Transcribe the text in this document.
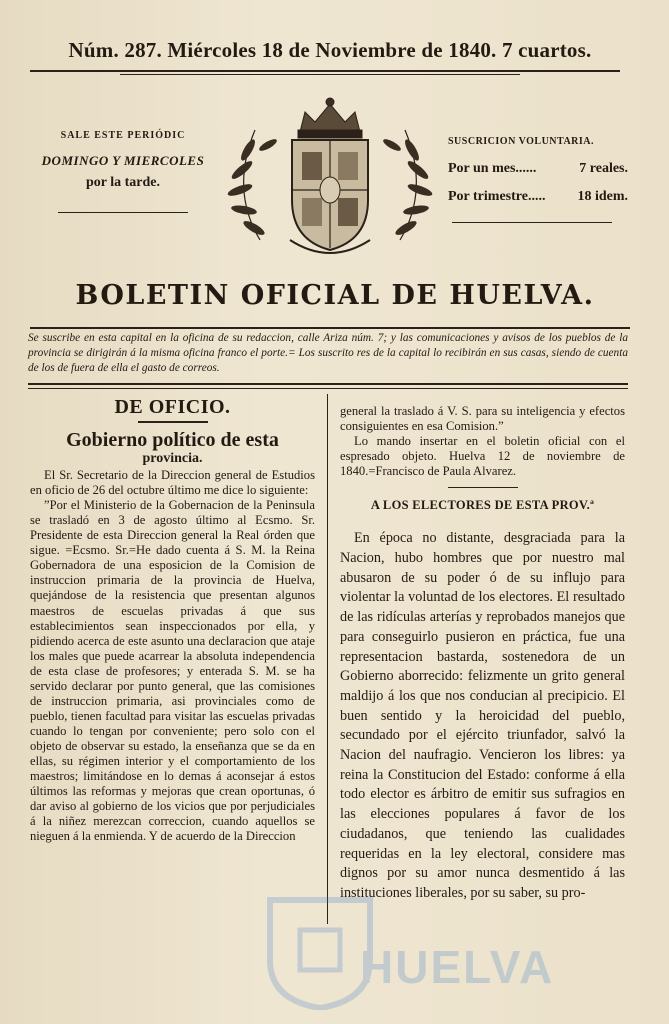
Núm. 287. Miércoles 18 de Noviembre de 1840. 7 cuartos.
SALE ESTE PERIÓDIC
DOMINGO Y MIERCOLES
por la tarde.
SUSCRICION VOLUNTARIA.
Por un mes......	7 reales.
Por trimestre..... 18 idem.
BOLETIN OFICIAL DE HUELVA.
Se suscribe en esta capital en la oficina de su redaccion, calle Ariza núm. 7; y las comunicaciones y avisos de los pueblos de la provincia se dirigirán á la misma oficina franco el porte.= Los suscrito res de la capital lo recibirán en sus casas, siendo de cuenta de los de fuera de ella el gasto de correos.
DE OFICIO.
Gobierno político de esta
provincia.

El Sr. Secretario de la Direccion general de Estudios en oficio de 26 del octubre último me dice lo siguiente:

”Por el Ministerio de la Gobernacion de la Peninsula se trasladó en 3 de agosto último al Ecsmo. Sr. Presidente de esta Direccion general la Real órden que sigue. =Ecsmo. Sr.=He dado cuenta á S. M. la Reina Gobernadora de una esposicion de la Comision de instruccion primaria de la provincia de Huelva, quejándose de la resistencia que presentan algunos maestros de escuelas privadas á que sus establecimientos sean inspeccionados por ella, y pidiendo acerca de este asunto una declaracion que ataje los males que puede acarrear la absoluta independencia de esta clase de profesores; y enterada S. M. se ha servido declarar por punto general, que las comisiones de instruccion primaria, asi provinciales como de pueblo, tienen facultad para visitar las escuelas privadas cuando lo tengan por conveniente; pero solo con el objeto de observar su estado, la enseñanza que se da en ellas, su régimen interior y el comportamiento de los maestros; limitándose en lo demas á aconsejar á estos últimos las reformas y mejoras que crean oportunas, ó dar aviso al gobierno de los vicios que por perjudiciales á la niñez merezcan correccion, cuando aquellos se nieguen á la enmienda. Y de acuerdo de la Direccion

general la traslado á V. S. para su inteligencia y efectos consiguientes en esa Comision.”

Lo mando insertar en el boletin oficial con el espresado objeto. Huelva 12 de noviembre de 1840.=Francisco de Paula Alvarez.

A LOS ELECTORES DE ESTA PROV.ª

En época no distante, desgraciada para la Nacion, hubo hombres que por nuestro mal abusaron de su poder ó de su influjo para violentar la voluntad de los electores. El resultado de las ridículas arterías y reprobados manejos que para conseguirlo pusieron en práctica, fue una representacion bastarda, sostenedora de un Gobierno aborrecido: felizmente un grito general maldijo á los que nos conducian al precipicio. El buen sentido y la heroicidad del pueblo, secundado por el ejército triunfador, salvó la Nacion del naufragio. Vencieron los libres: ya reina la Constitucion del Estado: conforme á ella todo elector es árbitro de emitir sus sufragios en las elecciones populares á favor de los ciudadanos, que teniendo las cualidades requeridas en la ley electoral, considere mas dignos por su amor nunca desmentido á las instituciones liberales, por su saber, su pro-

HUELVA
